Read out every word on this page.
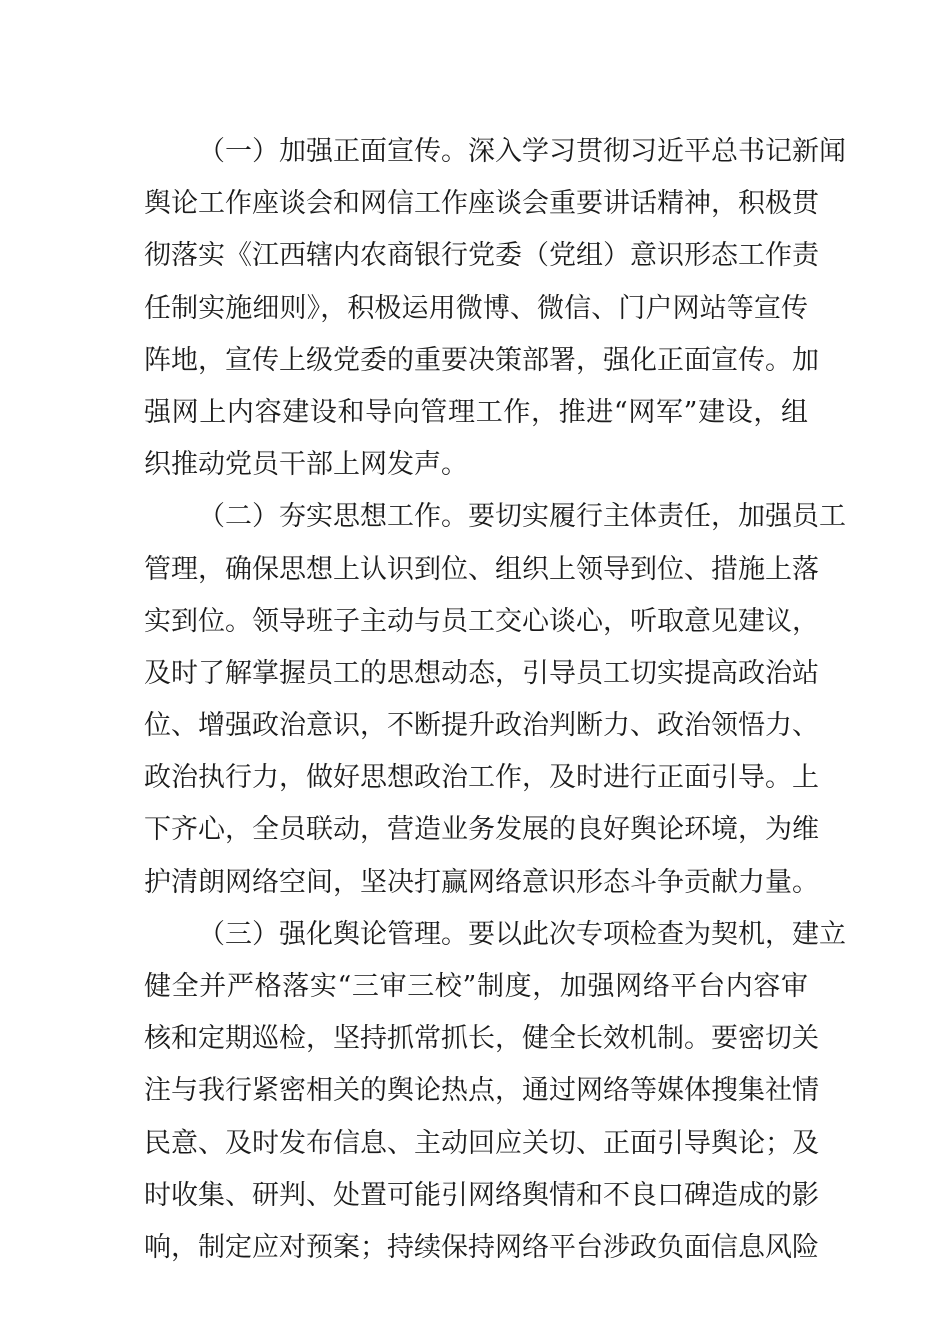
（一）加强正面宣传。深入学习贯彻习近平总书记新闻
舆论工作座谈会和网信工作座谈会重要讲话精神，积极贯
彻落实《江西辖内农商银行党委（党组）意识形态工作责
任制实施细则》，积极运用微博、微信、门户网站等宣传
阵地，宣传上级党委的重要决策部署，强化正面宣传。加
强网上内容建设和导向管理工作，推进“网军”建设，组
织推动党员干部上网发声。
（二）夯实思想工作。要切实履行主体责任，加强员工
管理，确保思想上认识到位、组织上领导到位、措施上落
实到位。领导班子主动与员工交心谈心，听取意见建议，
及时了解掌握员工的思想动态，引导员工切实提高政治站
位、增强政治意识，不断提升政治判断力、政治领悟力、
政治执行力，做好思想政治工作，及时进行正面引导。上
下齐心，全员联动，营造业务发展的良好舆论环境，为维
护清朗网络空间，坚决打赢网络意识形态斗争贡献力量。
（三）强化舆论管理。要以此次专项检查为契机，建立
健全并严格落实“三审三校”制度，加强网络平台内容审
核和定期巡检，坚持抓常抓长，健全长效机制。要密切关
注与我行紧密相关的舆论热点，通过网络等媒体搜集社情
民意、及时发布信息、主动回应关切、正面引导舆论；及
时收集、研判、处置可能引网络舆情和不良口碑造成的影
响，制定应对预案；持续保持网络平台涉政负面信息风险
